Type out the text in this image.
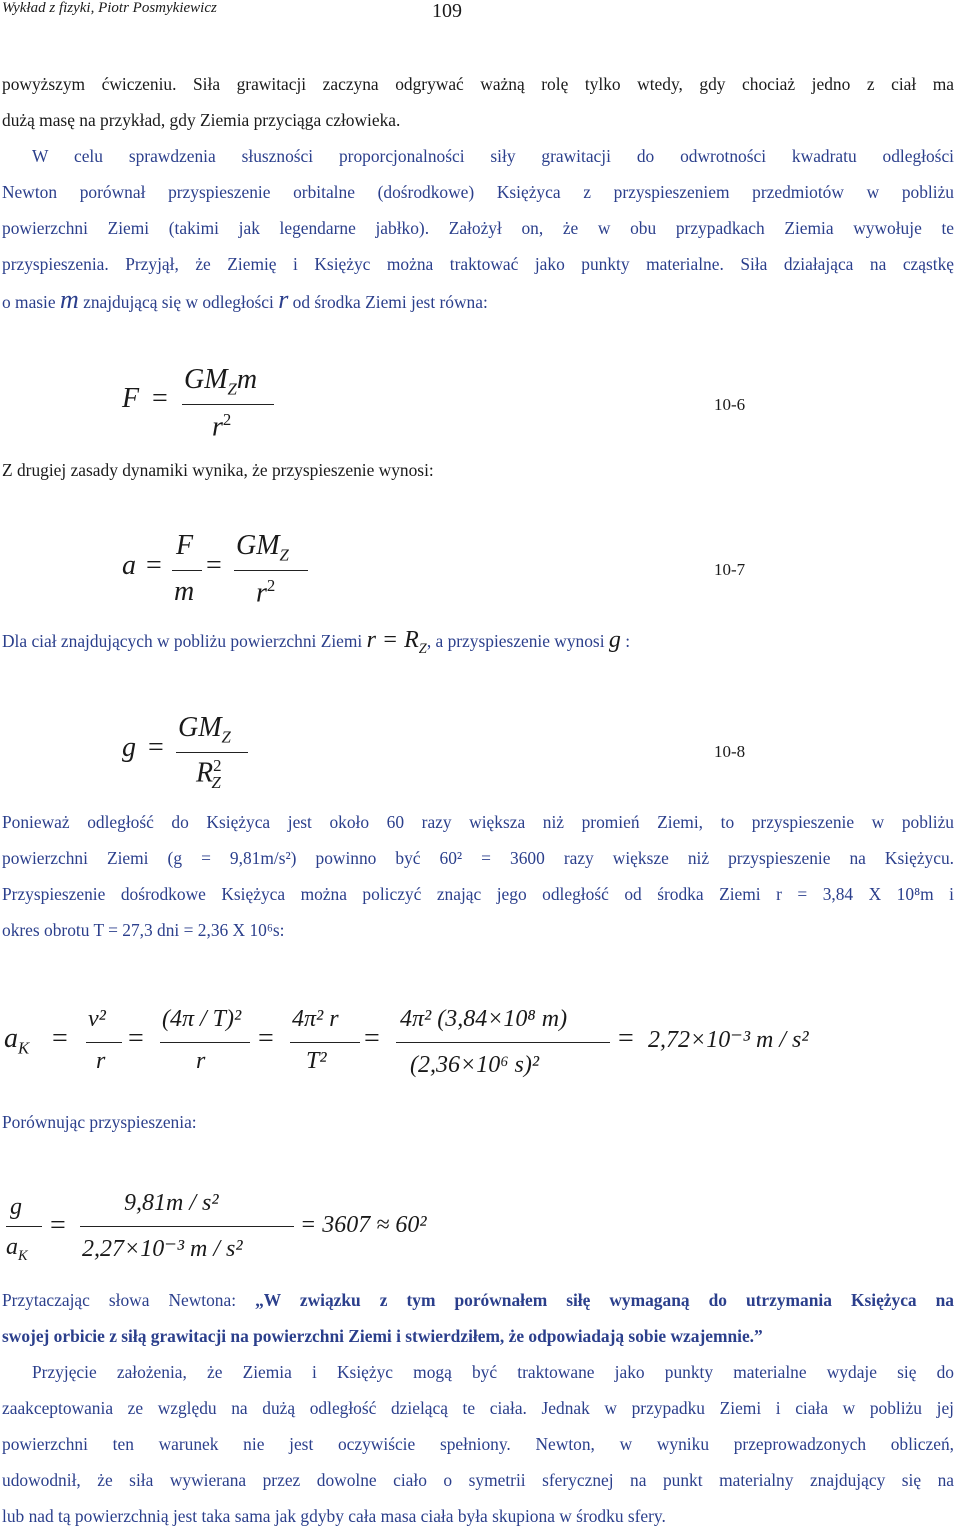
Wykład z fizyki, Piotr Posmykiewicz	109
powyższym ćwiczeniu. Siła grawitacji zaczyna odgrywać ważną rolę tylko wtedy, gdy chociaż jedno z ciał ma
dużą masę na przykład, gdy Ziemia przyciąga człowieka.
W celu sprawdzenia słuszności proporcjonalności siły grawitacji do odwrotności kwadratu odległości
Newton porównał przyspieszenie orbitalne (dośrodkowe) Księżyca z przyspieszeniem przedmiotów w pobliżu
powierzchni Ziemi (takimi jak legendarne jabłko). Założył on, że w obu przypadkach Ziemia wywołuje te
przyspieszenia. Przyjął, że Ziemię i Księżyc można traktować jako punkty materialne. Siła działająca na cząstkę
o masie m znajdującą się w odległości r od środka Ziemi jest równa:
F =
$GM_Zm$
$r^2$
10-6
Z drugiej zasady dynamiki wynika, że przyspieszenie wynosi:
a =
F
m
=
$GM_Z$
$r^2$
10-7
Dla ciał znajdujących w pobliżu powierzchni Ziemi $r = R_Z$, a przyspieszenie wynosi g :
g =
$GM_Z$
$R^2_Z$
10-8
Ponieważ odległość do Księżyca jest około 60 razy większa niż promień Ziemi, to przyspieszenie w pobliżu
powierzchni Ziemi (g = 9,81m/s²) powinno być 60² = 3600 razy większe niż przyspieszenie na Księżycu.
Przyspieszenie dośrodkowe Księżyca można policzyć znając jego odległość od środka Ziemi r = 3,84 X 10⁸m i
okres obrotu T = 27,3 dni = 2,36 X 10⁶s:
$a_K$ =
v²
r
=
(4π / T)²
r
=
4π² r
T²
=
4π² (3,84×10⁸ m)
(2,36×10⁶ s)²
= 2,72×10⁻³ m / s²
Porównując przyspieszenia:
g
$a_K$
=
9,81m / s²
2,27×10⁻³ m / s²
= 3607 ≈ 60²
Przytaczając słowa Newtona: „W związku z tym porównałem siłę wymaganą do utrzymania Księżyca na
swojej orbicie z siłą grawitacji na powierzchni Ziemi i stwierdziłem, że odpowiadają sobie wzajemnie.”
Przyjęcie założenia, że Ziemia i Księżyc mogą być traktowane jako punkty materialne wydaje się do
zaakceptowania ze względu na dużą odległość dzielącą te ciała. Jednak w przypadku Ziemi i ciała w pobliżu jej
powierzchni ten warunek nie jest oczywiście spełniony. Newton, w wyniku przeprowadzonych obliczeń,
udowodnił, że siła wywierana przez dowolne ciało o symetrii sferycznej na punkt materialny znajdujący się na
lub nad tą powierzchnią jest taka sama jak gdyby cała masa ciała była skupiona w środku sfery.
